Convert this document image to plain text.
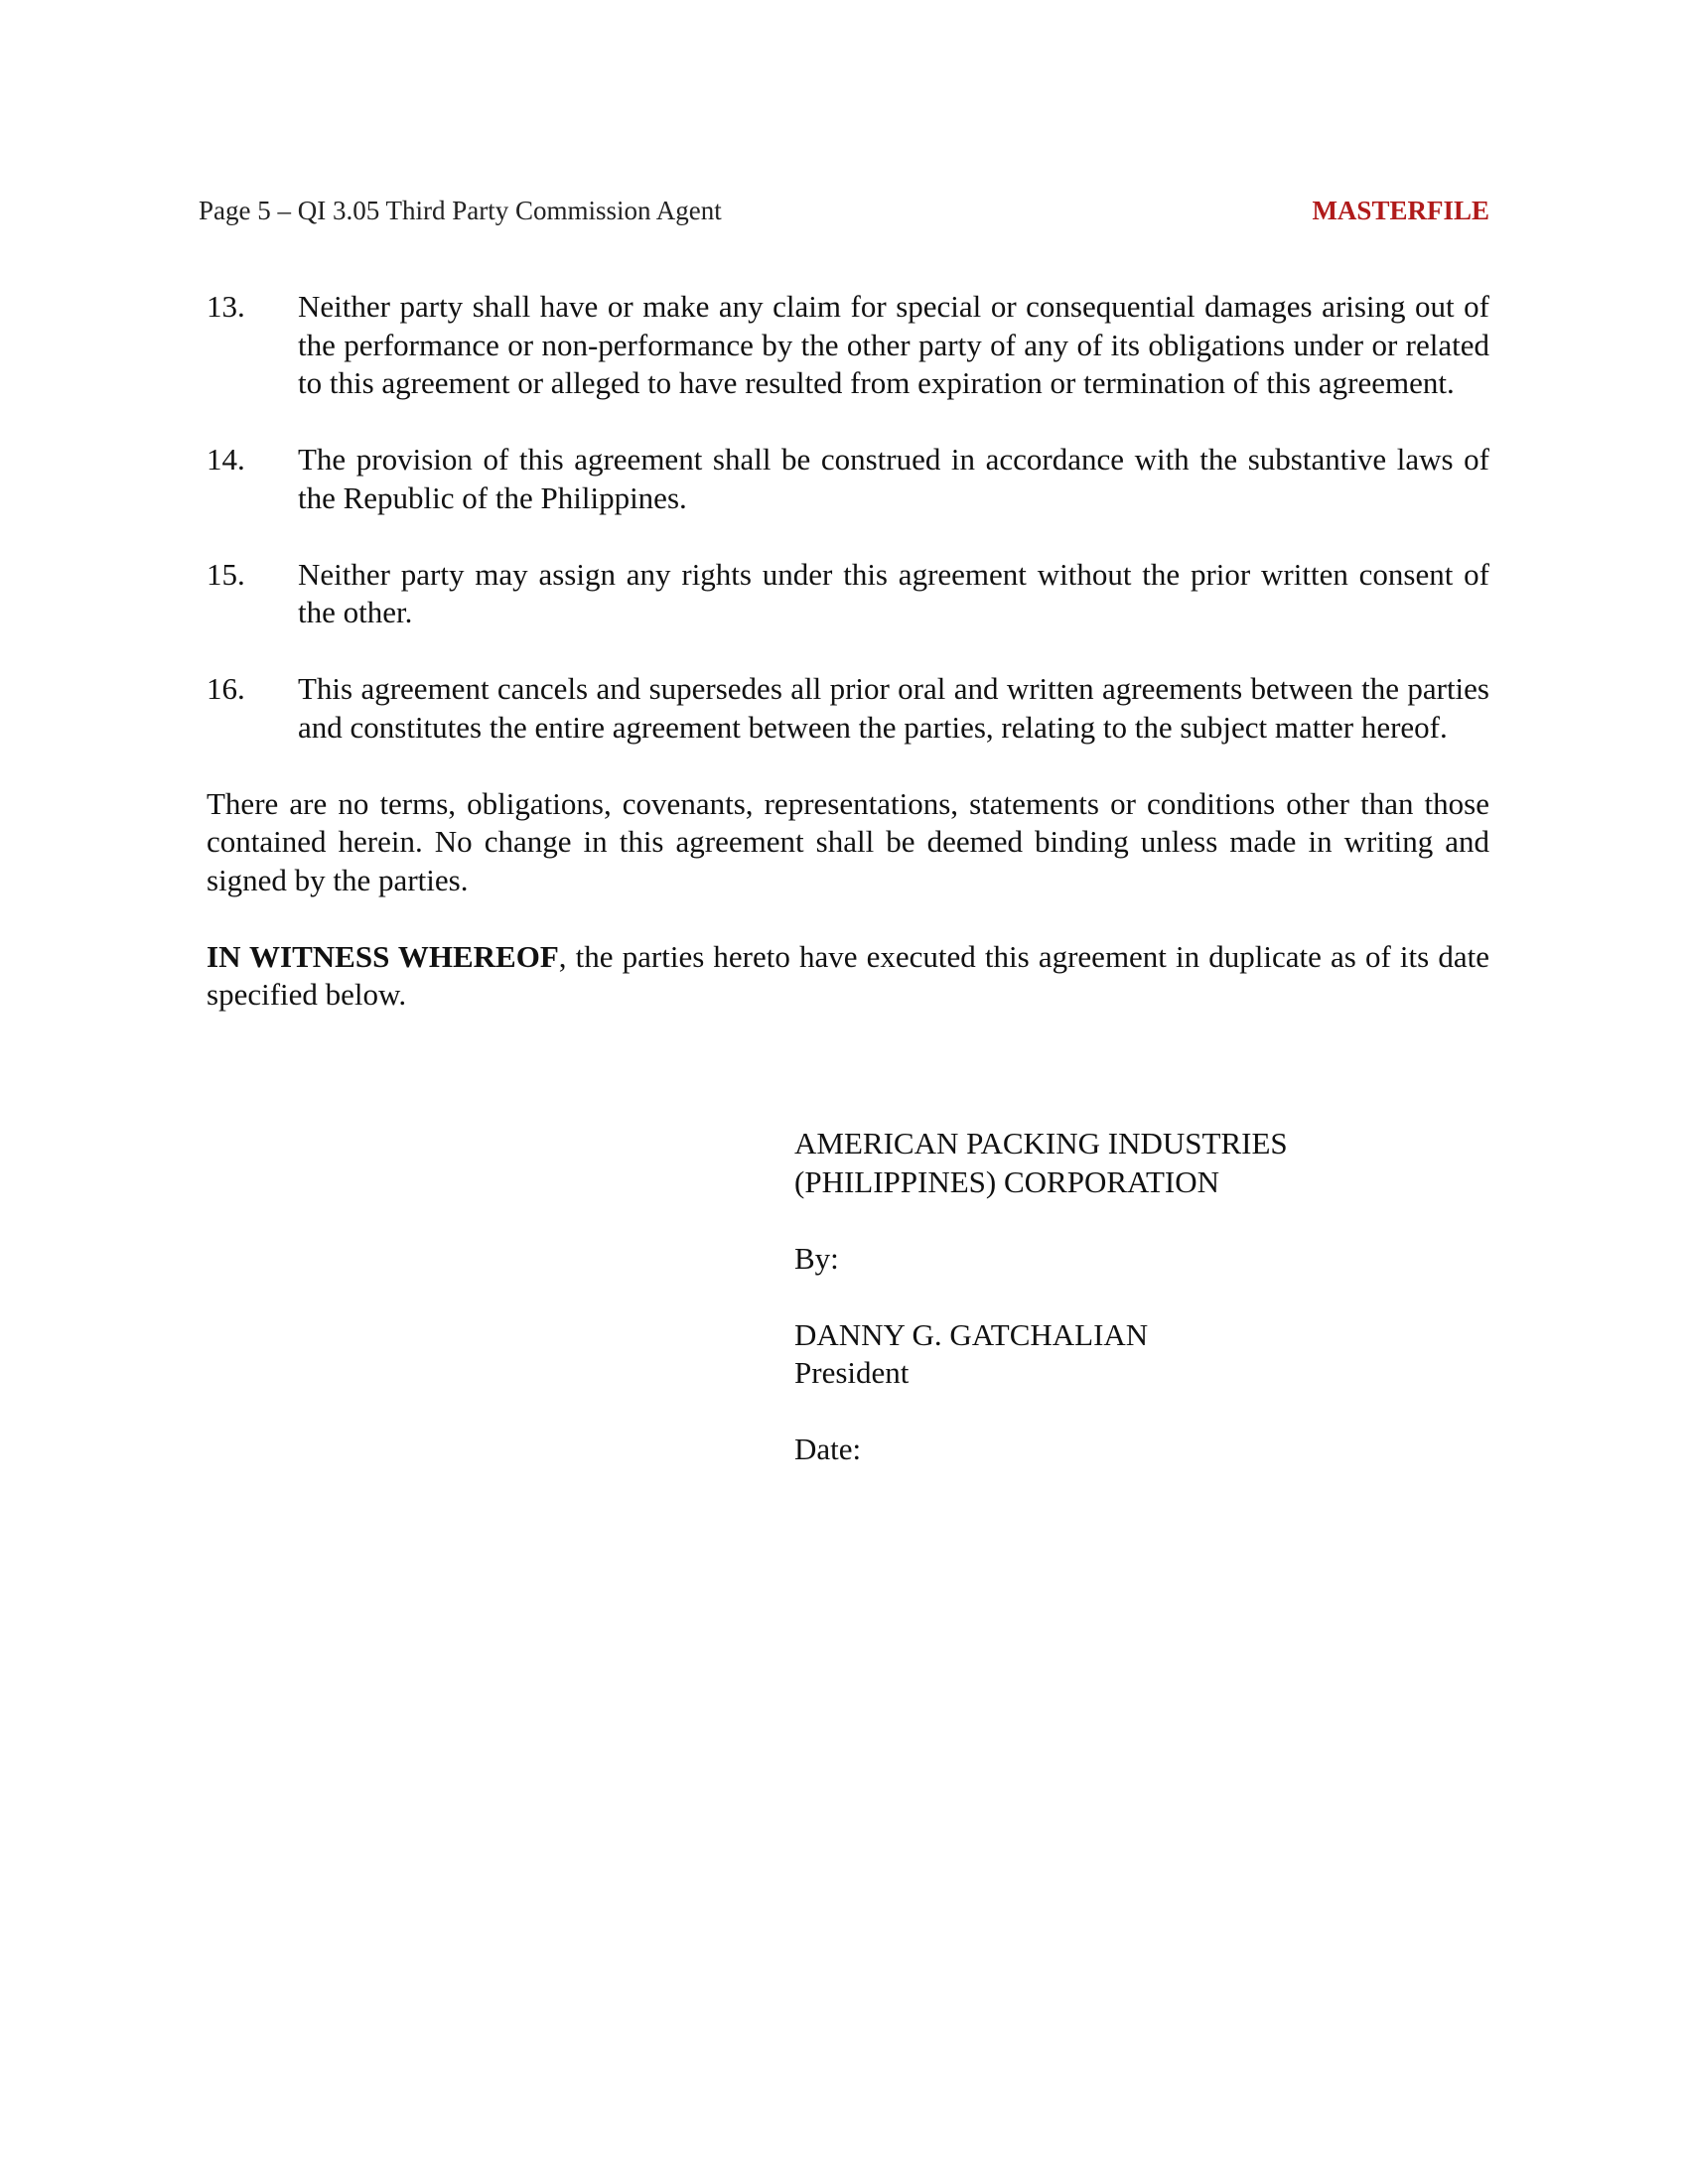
Page 5 – QI 3.05 Third Party Commission Agent	MASTERFILE
13. Neither party shall have or make any claim for special or consequential damages arising out of the performance or non-performance by the other party of any of its obligations under or related to this agreement or alleged to have resulted from expiration or termination of this agreement.
14. The provision of this agreement shall be construed in accordance with the substantive laws of the Republic of the Philippines.
15. Neither party may assign any rights under this agreement without the prior written consent of the other.
16. This agreement cancels and supersedes all prior oral and written agreements between the parties and constitutes the entire agreement between the parties, relating to the subject matter hereof.

There are no terms, obligations, covenants, representations, statements or conditions other than those contained herein. No change in this agreement shall be deemed binding unless made in writing and signed by the parties.

IN WITNESS WHEREOF, the parties hereto have executed this agreement in duplicate as of its date specified below.

AMERICAN PACKING INDUSTRIES
(PHILIPPINES) CORPORATION
By:
DANNY G. GATCHALIAN
President
Date:
